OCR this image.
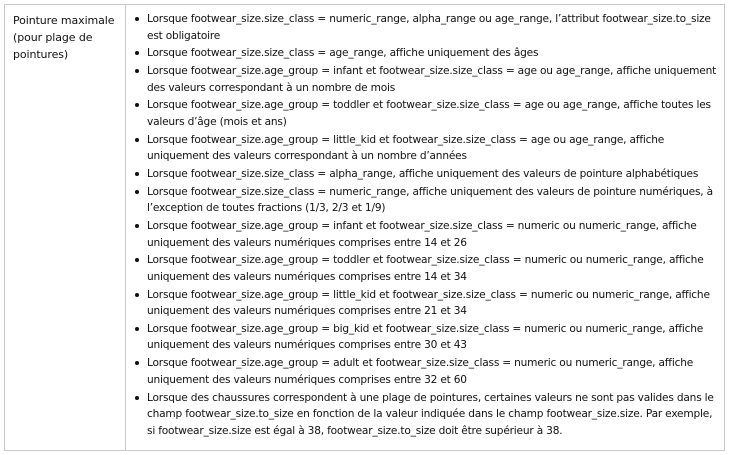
Pointure maximale (pour plage de pointures)
Lorsque footwear_size.size_class = numeric_range, alpha_range ou age_range, l’attribut footwear_size.to_size est obligatoire
Lorsque footwear_size.size_class = age_range, affiche uniquement des âges
Lorsque footwear_size.age_group = infant et footwear_size.size_class = age ou age_range, affiche uniquement des valeurs correspondant à un nombre de mois
Lorsque footwear_size.age_group = toddler et footwear_size.size_class = age ou age_range, affiche toutes les valeurs d’âge (mois et ans)
Lorsque footwear_size.age_group = little_kid et footwear_size.size_class = age ou age_range, affiche uniquement des valeurs correspondant à un nombre d’années
Lorsque footwear_size.size_class = alpha_range, affiche uniquement des valeurs de pointure alphabétiques
Lorsque footwear_size.size_class = numeric_range, affiche uniquement des valeurs de pointure numériques, à l’exception de toutes fractions (1/3, 2/3 et 1/9)
Lorsque footwear_size.age_group = infant et footwear_size.size_class = numeric ou numeric_range, affiche uniquement des valeurs numériques comprises entre 14 et 26
Lorsque footwear_size.age_group = toddler et footwear_size.size_class = numeric ou numeric_range, affiche uniquement des valeurs numériques comprises entre 14 et 34
Lorsque footwear_size.age_group = little_kid et footwear_size.size_class = numeric ou numeric_range, affiche uniquement des valeurs numériques comprises entre 21 et 34
Lorsque footwear_size.age_group = big_kid et footwear_size.size_class = numeric ou numeric_range, affiche uniquement des valeurs numériques comprises entre 30 et 43
Lorsque footwear_size.age_group = adult et footwear_size.size_class = numeric ou numeric_range, affiche uniquement des valeurs numériques comprises entre 32 et 60
Lorsque des chaussures correspondent à une plage de pointures, certaines valeurs ne sont pas valides dans le champ footwear_size.to_size en fonction de la valeur indiquée dans le champ footwear_size.size. Par exemple, si footwear_size.size est égal à 38, footwear_size.to_size doit être supérieur à 38.
